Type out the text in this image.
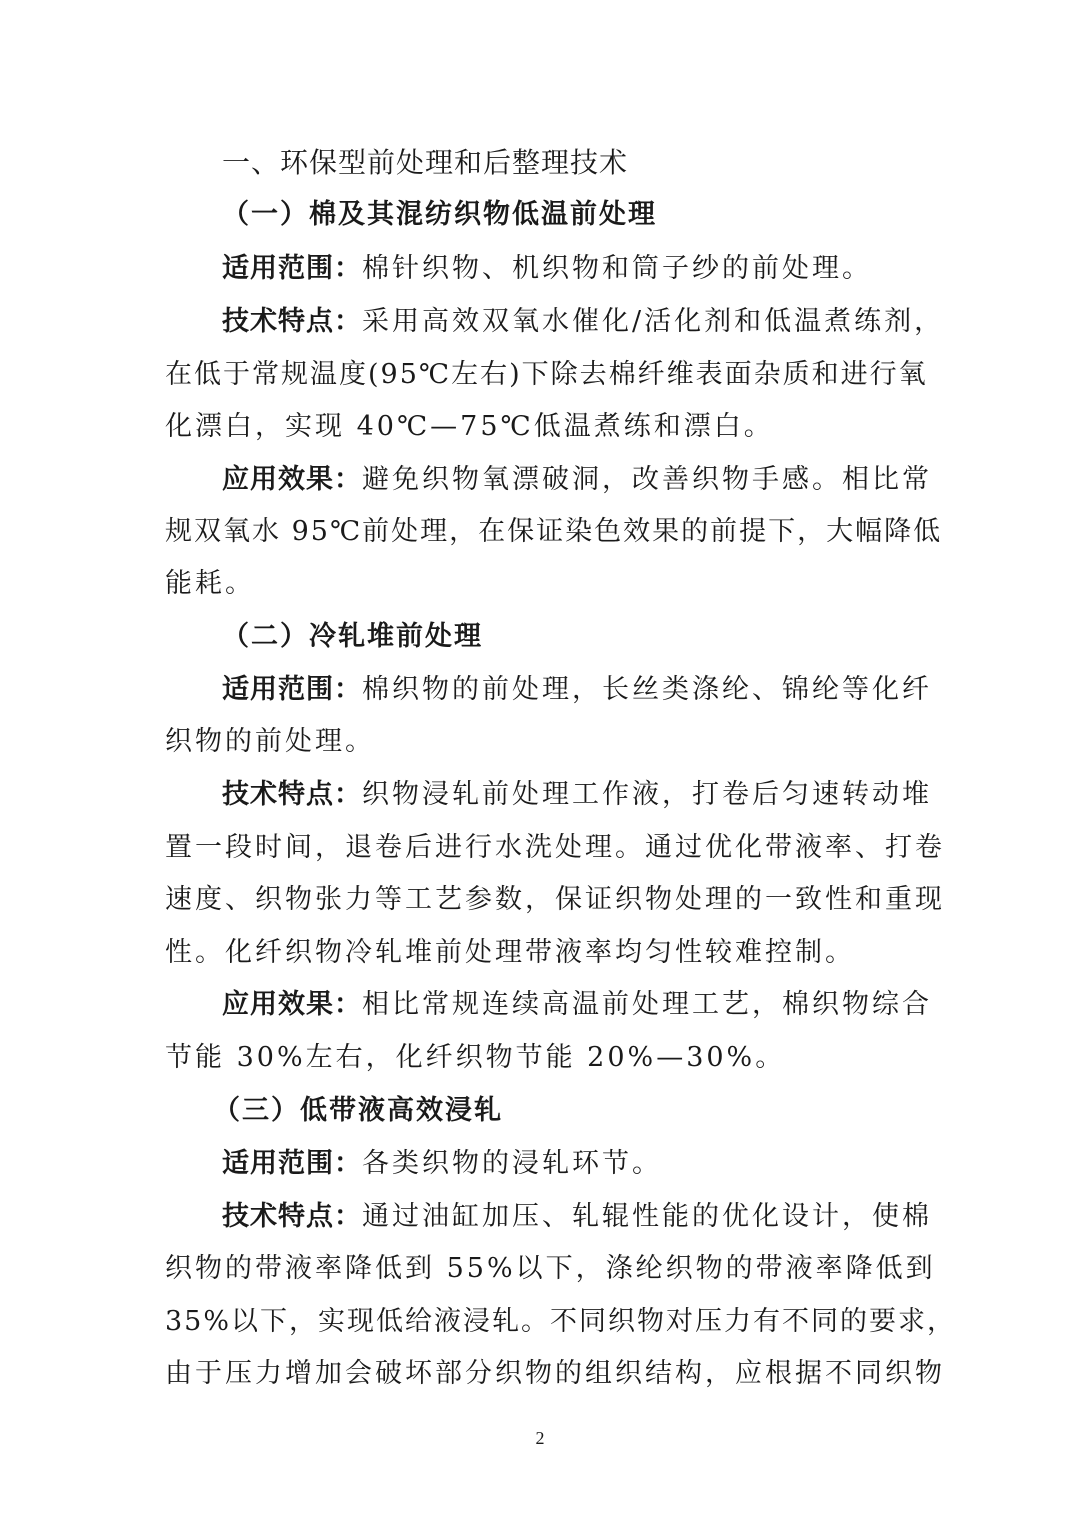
一、环保型前处理和后整理技术
（一）棉及其混纺织物低温前处理
适用范围：棉针织物、机织物和筒子纱的前处理。
技术特点：采用高效双氧水催化/活化剂和低温煮练剂，
在低于常规温度(95℃左右)下除去棉纤维表面杂质和进行氧
化漂白，实现 40℃—75℃低温煮练和漂白。
应用效果：避免织物氧漂破洞，改善织物手感。相比常
规双氧水 95℃前处理，在保证染色效果的前提下，大幅降低
能耗。
（二）冷轧堆前处理
适用范围：棉织物的前处理，长丝类涤纶、锦纶等化纤
织物的前处理。
技术特点：织物浸轧前处理工作液，打卷后匀速转动堆
置一段时间，退卷后进行水洗处理。通过优化带液率、打卷
速度、织物张力等工艺参数，保证织物处理的一致性和重现
性。化纤织物冷轧堆前处理带液率均匀性较难控制。
应用效果：相比常规连续高温前处理工艺，棉织物综合
节能 30%左右，化纤织物节能 20%—30%。
（三）低带液高效浸轧
适用范围：各类织物的浸轧环节。
技术特点：通过油缸加压、轧辊性能的优化设计，使棉
织物的带液率降低到 55%以下，涤纶织物的带液率降低到
35%以下，实现低给液浸轧。不同织物对压力有不同的要求，
由于压力增加会破坏部分织物的组织结构，应根据不同织物
2
